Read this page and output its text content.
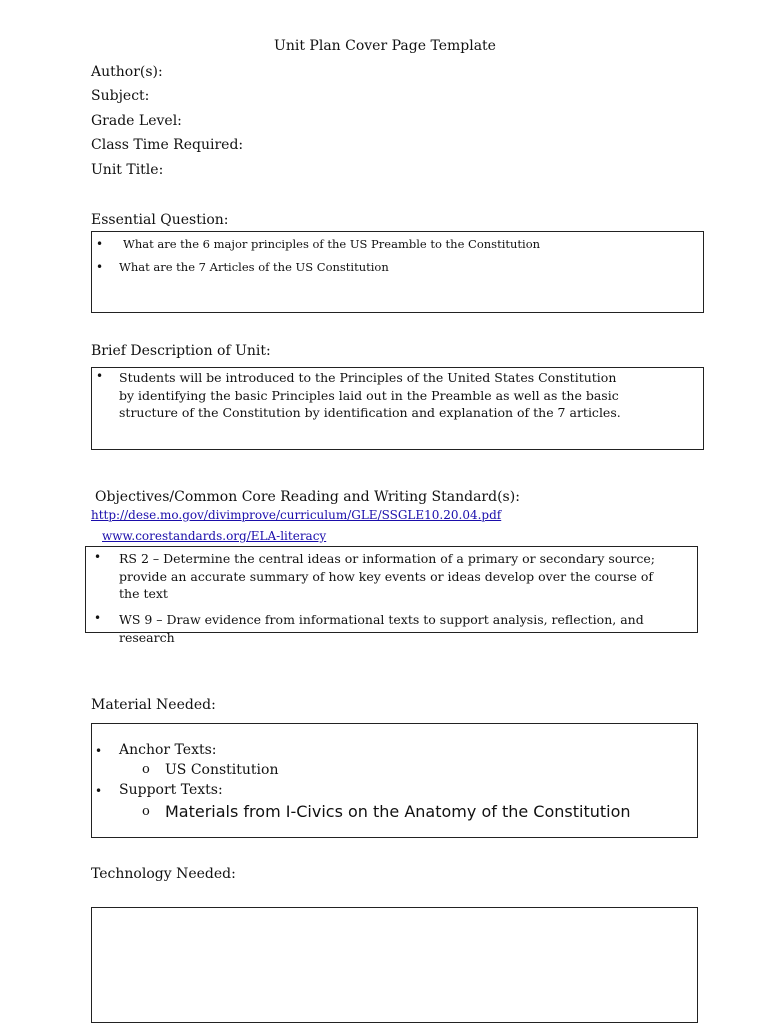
Unit Plan Cover Page Template
Author(s):
Subject:
Grade Level:
Class Time Required:
Unit Title:
Essential Question:
• What are the 6 major principles of the US Preamble to the Constitution
• What are the 7 Articles of the US Constitution
Brief Description of Unit:
• Students will be introduced to the Principles of the United States Constitution by identifying the basic Principles laid out in the Preamble as well as the basic structure of the Constitution by identification and explanation of the 7 articles.
Objectives/Common Core Reading and Writing Standard(s):
http://dese.mo.gov/divimprove/curriculum/GLE/SSGLE10.20.04.pdf
www.corestandards.org/ELA-literacy
• RS 2 – Determine the central ideas or information of a primary or secondary source; provide an accurate summary of how key events or ideas develop over the course of the text
• WS 9 – Draw evidence from informational texts to support analysis, reflection, and research
Material Needed:
• Anchor Texts:
o US Constitution
• Support Texts:
o Materials from I-Civics on the Anatomy of the Constitution
Technology Needed:
